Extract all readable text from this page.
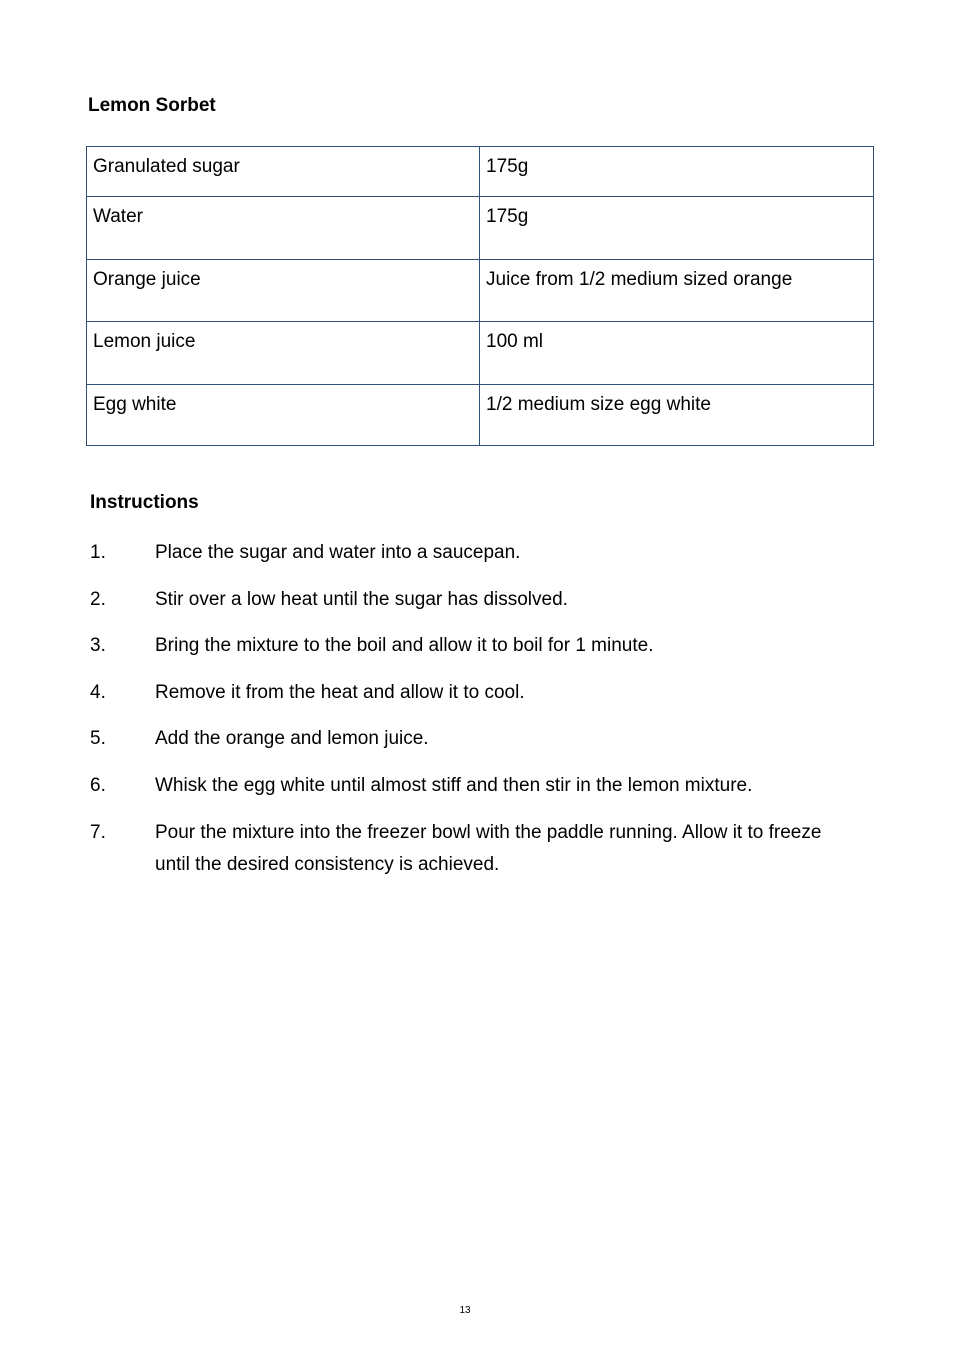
Lemon Sorbet
Granulated sugar	175g
Water	175g
Orange juice	Juice from 1/2 medium sized orange
Lemon juice	100 ml
Egg white	1/2 medium size egg white
Instructions
1.	Place the sugar and water into a saucepan.
2.	Stir over a low heat until the sugar has dissolved.
3.	Bring the mixture to the boil and allow it to boil for 1 minute.
4.	Remove it from the heat and allow it to cool.
5.	Add the orange and lemon juice.
6.	Whisk the egg white until almost stiff and then stir in the lemon mixture.
7.	Pour the mixture into the freezer bowl with the paddle running. Allow it to freeze until the desired consistency is achieved.
13
